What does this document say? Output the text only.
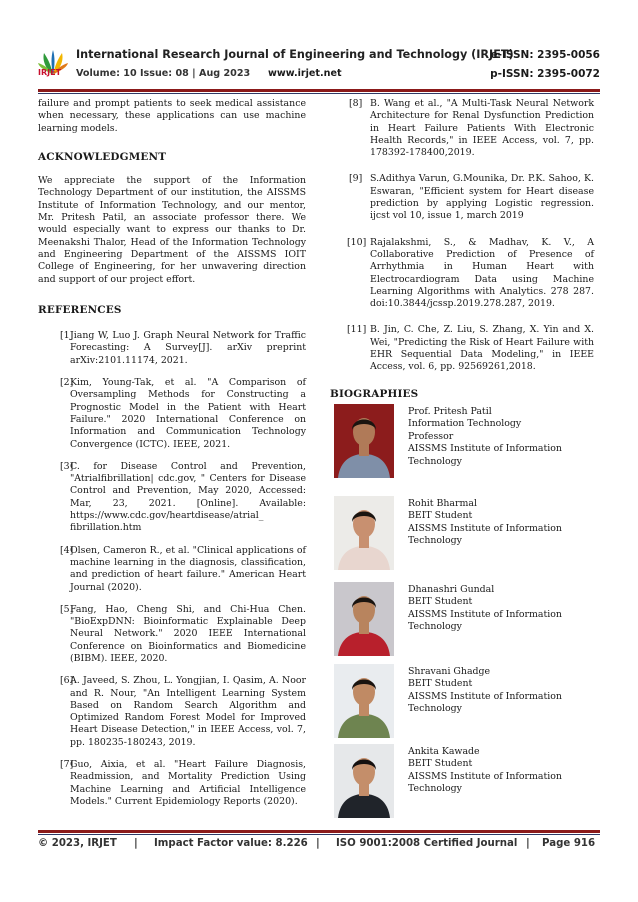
IRJET
International Research Journal of Engineering and Technology (IRJET)
e-ISSN: 2395-0056
Volume: 10 Issue: 08 | Aug 2023 www.irjet.net	p-ISSN: 2395-0072

failure and prompt patients to seek medical assistance when necessary, these applications can use machine learning models.

ACKNOWLEDGMENT

We appreciate the support of the Information Technology Department of our institution, the AISSMS Institute of Information Technology, and our mentor, Mr. Pritesh Patil, an associate professor there. We would especially want to express our thanks to Dr. Meenakshi Thalor, Head of the Information Technology and Engineering Department of the AISSMS IOIT College of Engineering, for her unwavering direction and support of our project effort.

REFERENCES
[1]
Jiang W, Luo J. Graph Neural Network for Traffic Forecasting: A Survey[J]. arXiv preprint arXiv:2101.11174, 2021.
[2]
Kim, Young-Tak, et al. "A Comparison of Oversampling Methods for Constructing a Prognostic Model in the Patient with Heart Failure." 2020 International Conference on Information and Communication Technology Convergence (ICTC). IEEE, 2021.
[3]
C. for Disease Control and Prevention, "Atrialfibrillation| cdc.gov, " Centers for Disease Control and Prevention, May 2020, Accessed: Mar, 23, 2021. [Online]. Available: https://www.cdc.gov/heartdisease/atrial_ fibrillation.htm
[4]
Olsen, Cameron R., et al. "Clinical applications of machine learning in the diagnosis, classification, and prediction of heart failure." American Heart Journal (2020).
[5]
Fang, Hao, Cheng Shi, and Chi-Hua Chen. "BioExpDNN: Bioinformatic Explainable Deep Neural Network." 2020 IEEE International Conference on Bioinformatics and Biomedicine (BIBM). IEEE, 2020.
[6]
A. Javeed, S. Zhou, L. Yongjian, I. Qasim, A. Noor and R. Nour, "An Intelligent Learning System Based on Random Search Algorithm and Optimized Random Forest Model for Improved Heart Disease Detection," in IEEE Access, vol. 7, pp. 180235-180243, 2019.
[7]
Guo, Aixia, et al. "Heart Failure Diagnosis, Readmission, and Mortality Prediction Using Machine Learning and Artificial Intelligence Models." Current Epidemiology Reports (2020).
[8] B. Wang et al., "A Multi-Task Neural Network Architecture for Renal Dysfunction Prediction in Heart Failure Patients With Electronic Health Records," in IEEE Access, vol. 7, pp. 178392-178400,2019.
[9] S.Adithya Varun, G.Mounika, Dr. P.K. Sahoo, K. Eswaran, "Efficient system for Heart disease prediction by applying Logistic regression. ijcst vol 10, issue 1, march 2019
[10] Rajalakshmi, S., & Madhav, K. V., A Collaborative Prediction of Presence of Arrhythmia in Human Heart with Electrocardiogram Data using Machine Learning Algorithms with Analytics. 278 287. doi:10.3844/jcssp.2019.278.287, 2019.
[11] B. Jin, C. Che, Z. Liu, S. Zhang, X. Yin and X. Wei, "Predicting the Risk of Heart Failure with EHR Sequential Data Modeling," in IEEE Access, vol. 6, pp. 92569261,2018.
BIOGRAPHIES
Prof. Pritesh Patil
Information Technology
Professor
AISSMS Institute of Information
Technology
Rohit Bharmal
BEIT Student
AISSMS Institute of Information
Technology
Dhanashri Gundal
BEIT Student
AISSMS Institute of Information
Technology
Shravani Ghadge
BEIT Student
AISSMS Institute of Information
Technology
Ankita Kawade
BEIT Student
AISSMS Institute of Information
Technology
© 2023, IRJET | Impact Factor value: 8.226 | ISO 9001:2008 Certified Journal | Page 916
